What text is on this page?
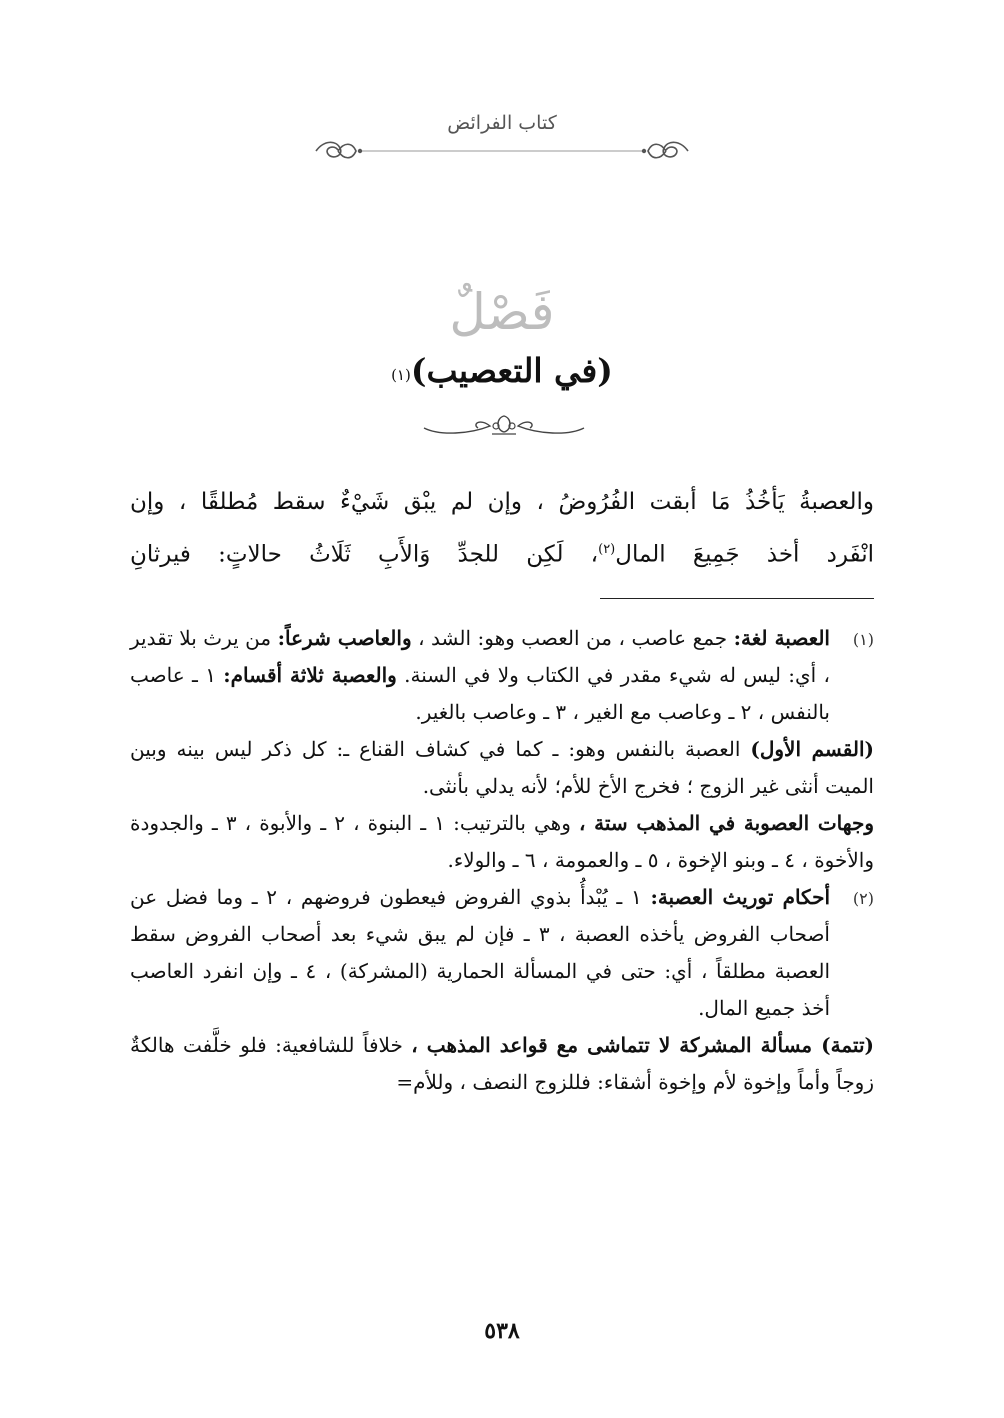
كتاب الفرائض
فَصْلٌ
(في التعصيب)$^{(١)}$

والعصبةُ يَأخُذُ مَا أبقت الفُرُوضُ ، وإن لم يبْق شَيْءٌ سقط مُطلقًا ، وإن

انْفَرد أخذ جَمِيعَ المال$^{(٢)}$، لَكِن للجدِّ وَالأَبِ ثَلَاثُ حالاتٍ: فيرثانِ

(١)

العصبة لغة: جمع عاصب ، من العصب وهو: الشد ، والعاصب شرعاً: من يرث بلا تقدير ، أي: ليس له شيء مقدر في الكتاب ولا في السنة. والعصبة ثلاثة أقسام: ١ ـ عاصب بالنفس ، ٢ ـ وعاصب مع الغير ، ٣ ـ وعاصب بالغير.

(القسم الأول) العصبة بالنفس وهو: ـ كما في كشاف القناع ـ: كل ذكر ليس بينه وبين الميت أنثى غير الزوج ؛ فخرج الأخ للأم؛ لأنه يدلي بأنثى.

وجهات العصوبة في المذهب ستة ، وهي بالترتيب: ١ ـ البنوة ، ٢ ـ والأبوة ، ٣ ـ والجدودة والأخوة ، ٤ ـ وبنو الإخوة ، ٥ ـ والعمومة ، ٦ ـ والولاء.

(٢)

أحكام توريث العصبة: ١ ـ يُبْدأُ بذوي الفروض فيعطون فروضهم ، ٢ ـ وما فضل عن أصحاب الفروض يأخذه العصبة ، ٣ ـ فإن لم يبق شيء بعد أصحاب الفروض سقط العصبة مطلقاً ، أي: حتى في المسألة الحمارية (المشركة) ، ٤ ـ وإن انفرد العاصب أخذ جميع المال.

(تتمة) مسألة المشركة لا تتماشى مع قواعد المذهب ، خلافاً للشافعية: فلو خلَّفت هالكةٌ زوجاً وأماً وإخوة لأم وإخوة أشقاء: فللزوج النصف ، وللأم=

٥٣٨
